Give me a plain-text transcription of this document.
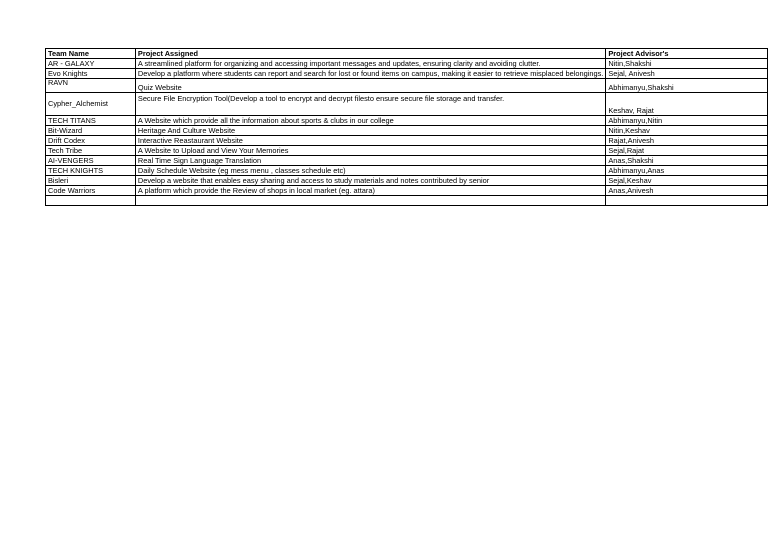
Team Name	Project Assigned	Project Advisor's
AR - GALAXY	A streamlined platform for organizing and accessing important messages and updates, ensuring clarity and avoiding clutter.	Nitin,Shakshi
Evo Knights	Develop a platform where students can report and search for lost or found items on campus, making it easier to retrieve misplaced belongings.	Sejal, Anivesh
RAVN	Quiz Website	Abhimanyu,Shakshi
Cypher_Alchemist	Secure File Encryption Tool(Develop a tool to encrypt and decrypt filesto ensure secure file storage and transfer.	Keshav, Rajat
TECH TITANS	A Website which provide all the information about sports & clubs in our college	Abhimanyu,Nitin
Bit-Wizard	Heritage And Culture Website	Nitin,Keshav
Drift Codex	Interactive Reastaurant Website	Rajat,Anivesh
Tech Tribe	A Website to Upload and View Your Memories	Sejal,Rajat
AI-VENGERS	Real Time Sign Language Translation	Anas,Shakshi
TECH KNIGHTS	Daily Schedule Website (eg mess menu , classes schedule etc)	Abhimanyu,Anas
Bisleri	Develop a website that enables easy sharing and access to study materials and notes contributed by senior	Sejal,Keshav
Code Warriors	A platform which provide the Review of shops in local market (eg. attara)	Anas,Anivesh
